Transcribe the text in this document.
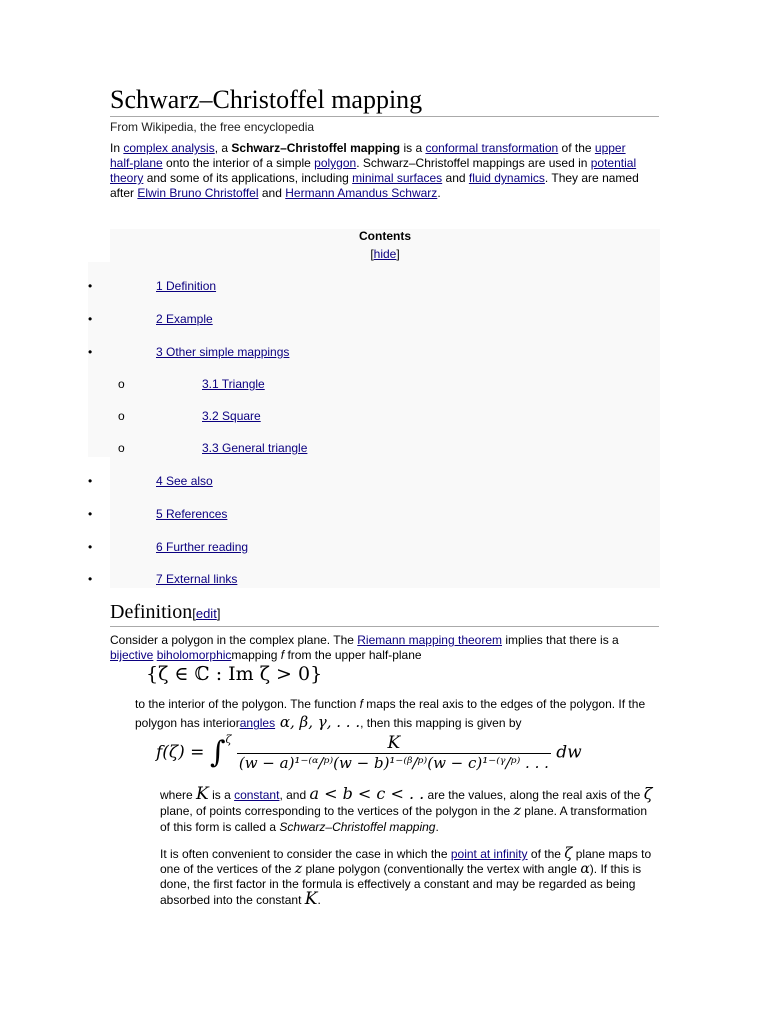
Schwarz–Christoffel mapping
From Wikipedia, the free encyclopedia
In complex analysis, a Schwarz–Christoffel mapping is a conformal transformation of the upper half-plane onto the interior of a simple polygon. Schwarz–Christoffel mappings are used in potential theory and some of its applications, including minimal surfaces and fluid dynamics. They are named after Elwin Bruno Christoffel and Hermann Amandus Schwarz.
Contents
[hide]
•	1 Definition
•	2 Example
•	3 Other simple mappings
o	3.1 Triangle
o	3.2 Square
o	3.3 General triangle
•	4 See also
•	5 References
•	6 Further reading
•	7 External links
Definition[edit]
Consider a polygon in the complex plane. The Riemann mapping theorem implies that there is a bijective biholomorphicmapping f from the upper half-plane
{ζ ∈ ℂ : Im ζ > 0}
to the interior of the polygon. The function f maps the real axis to the edges of the polygon. If the polygon has interiorangles α, β, γ, . . ., then this mapping is given by
$f(\zeta) = \int^\zeta \frac{K}{\text{(w − a)¹⁻⁽ᵅ/ᵖ⁾(w − b)¹⁻⁽ᵝ/ᵖ⁾(w − c)¹⁻⁽ᵞ/ᵖ⁾ . . .}}$ dw
where K is a constant, and a < b < c < . . are the values, along the real axis of the ζ plane, of points corresponding to the vertices of the polygon in the z plane. A transformation of this form is called a Schwarz–Christoffel mapping.
It is often convenient to consider the case in which the point at infinity of the ζ plane maps to one of the vertices of the z plane polygon (conventionally the vertex with angle α). If this is done, the first factor in the formula is effectively a constant and may be regarded as being absorbed into the constant K.
